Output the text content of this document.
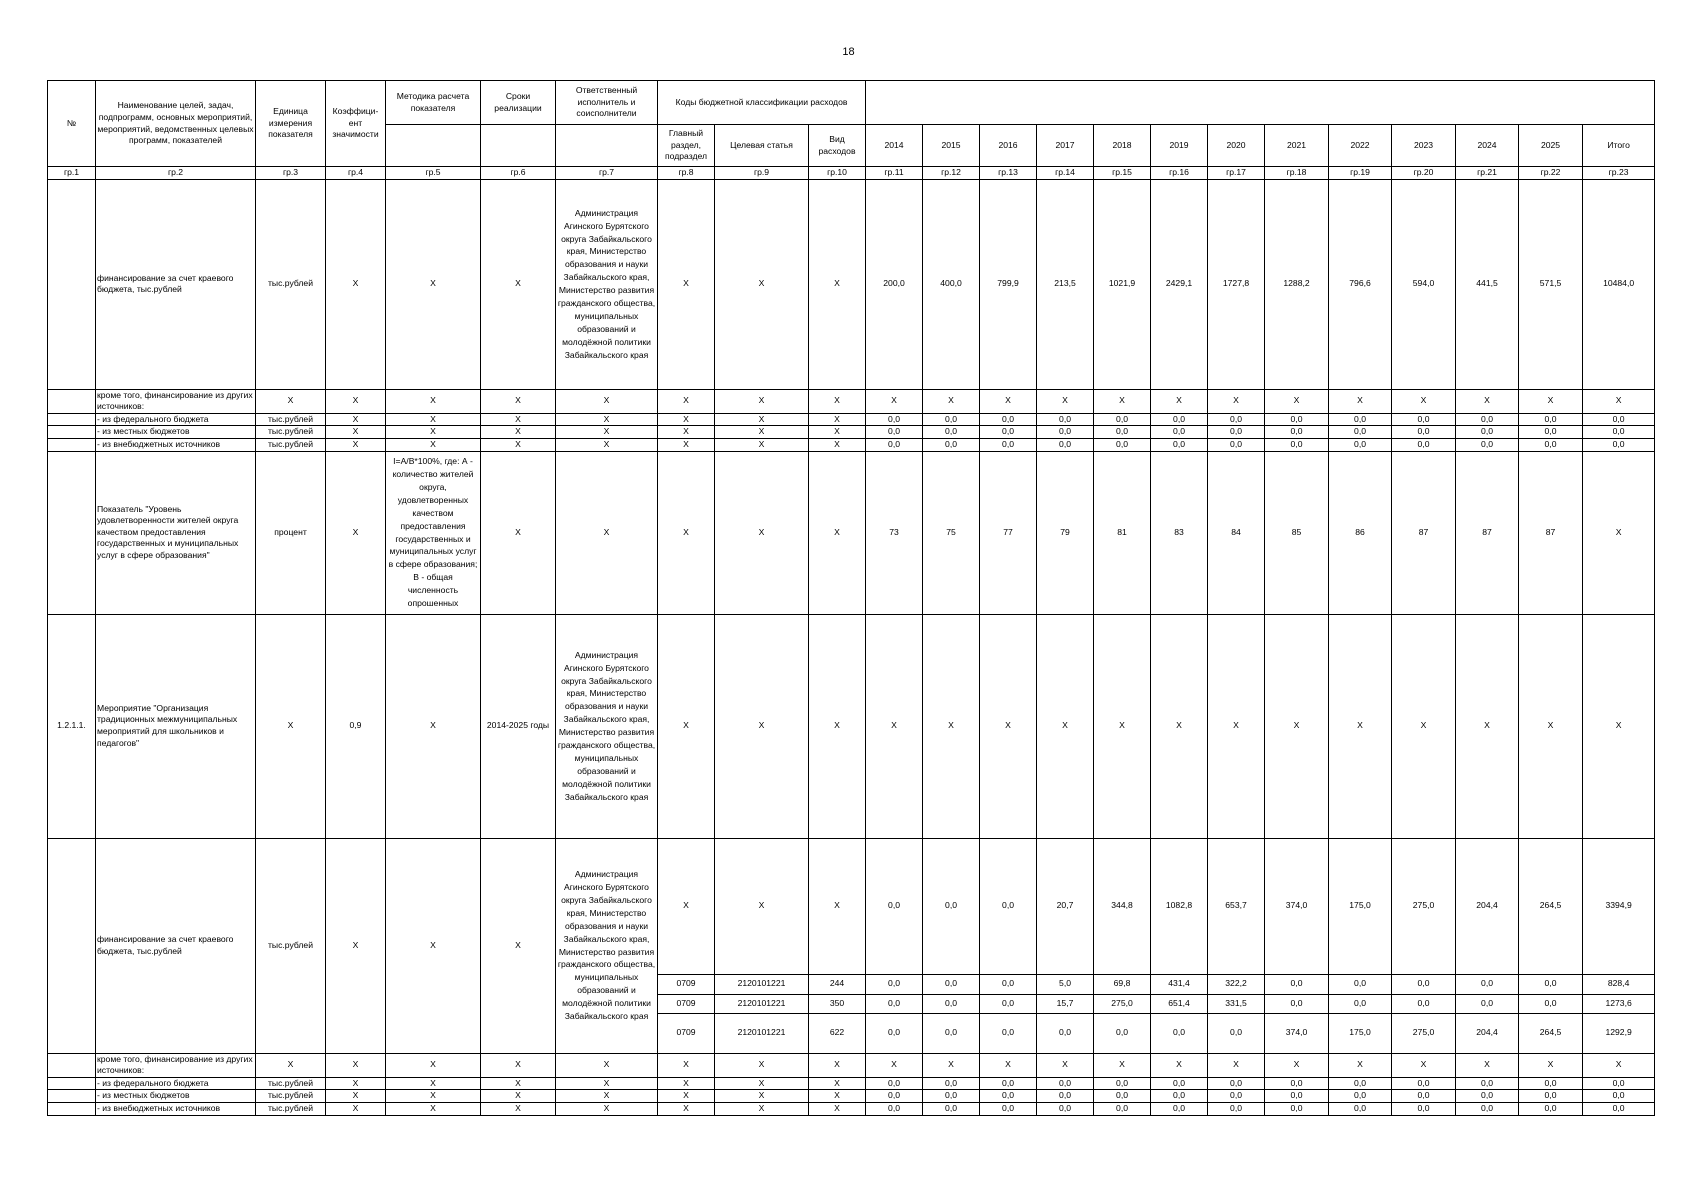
18
№	Наименование целей, задач, подпрограмм, основных мероприятий, мероприятий, ведомственных целевых программ, показателей	Единица измерения показателя	Коэффици-ент значимости	Методика расчета показателя	Сроки реализации	Ответственный исполнитель и соисполнители	Коды бюджетной классификации расходов															
							Главный раздел, подраздел	Целевая статья	Вид расходов	2014	2015	2016	2017	2018	2019	2020	2021	2022	2023	2024	2025	Итого
гр.1	гр.2	гр.3	гр.4	гр.5	гр.6	гр.7	гр.8	гр.9	гр.10	гр.11	гр.12	гр.13	гр.14	гр.15	гр.16	гр.17	гр.18	гр.19	гр.20	гр.21	гр.22	гр.23
	финансирование за счет краевого бюджета, тыс.рублей	тыс.рублей	Х	Х	Х	Администрация Агинского Бурятского округа Забайкальского края, Министерство образования и науки Забайкальского края, Министерство развития гражданского общества, муниципальных образований и молодёжной политики Забайкальского края	Х	Х	Х	200,0	400,0	799,9	213,5	1021,9	2429,1	1727,8	1288,2	796,6	594,0	441,5	571,5	10484,0
	кроме того, финансирование из других источников:	Х	Х	Х	Х	Х	Х	Х	Х	Х	Х	Х	Х	Х	Х	Х	Х	Х	Х	Х	Х	Х
	- из федерального бюджета	тыс.рублей	Х	Х	Х	Х	Х	Х	Х	0,0	0,0	0,0	0,0	0,0	0,0	0,0	0,0	0,0	0,0	0,0	0,0	0,0
	- из местных бюджетов	тыс.рублей	Х	Х	Х	Х	Х	Х	Х	0,0	0,0	0,0	0,0	0,0	0,0	0,0	0,0	0,0	0,0	0,0	0,0	0,0
	- из внебюджетных источников	тыс.рублей	Х	Х	Х	Х	Х	Х	Х	0,0	0,0	0,0	0,0	0,0	0,0	0,0	0,0	0,0	0,0	0,0	0,0	0,0
	Показатель "Уровень удовлетворенности жителей округа качеством предоставления государственных и муниципальных услуг в сфере образования"	процент	Х	I=A/B*100%, где: А - количество жителей округа, удовлетворенных качеством предоставления государственных и муниципальных услуг в сфере образования; В - общая численность опрошенных	Х	Х	Х	Х	Х	73	75	77	79	81	83	84	85	86	87	87	87	Х
1.2.1.1.	Мероприятие "Организация традиционных межмуниципальных мероприятий для школьников и педагогов"	Х	0,9	Х	2014-2025 годы	Администрация Агинского Бурятского округа Забайкальского края, Министерство образования и науки Забайкальского края, Министерство развития гражданского общества, муниципальных образований и молодёжной политики Забайкальского края	Х	Х	Х	Х	Х	Х	Х	Х	Х	Х	Х	Х	Х	Х	Х	Х
	финансирование за счет краевого бюджета, тыс.рублей	тыс.рублей	Х	Х	Х	Администрация Агинского Бурятского округа Забайкальского края, Министерство образования и науки Забайкальского края, Министерство развития гражданского общества, муниципальных образований и молодёжной политики Забайкальского края	Х	Х	Х	0,0	0,0	0,0	20,7	344,8	1082,8	653,7	374,0	175,0	275,0	204,4	264,5	3394,9
							0709	2120101221	244	0,0	0,0	0,0	5,0	69,8	431,4	322,2	0,0	0,0	0,0	0,0	0,0	828,4
							0709	2120101221	350	0,0	0,0	0,0	15,7	275,0	651,4	331,5	0,0	0,0	0,0	0,0	0,0	1273,6
							0709	2120101221	622	0,0	0,0	0,0	0,0	0,0	0,0	0,0	374,0	175,0	275,0	204,4	264,5	1292,9
	кроме того, финансирование из других источников:	Х	Х	Х	Х	Х	Х	Х	Х	Х	Х	Х	Х	Х	Х	Х	Х	Х	Х	Х	Х	Х
	- из федерального бюджета	тыс.рублей	Х	Х	Х	Х	Х	Х	Х	0,0	0,0	0,0	0,0	0,0	0,0	0,0	0,0	0,0	0,0	0,0	0,0	0,0
	- из местных бюджетов	тыс.рублей	Х	Х	Х	Х	Х	Х	Х	0,0	0,0	0,0	0,0	0,0	0,0	0,0	0,0	0,0	0,0	0,0	0,0	0,0
	- из внебюджетных источников	тыс.рублей	Х	Х	Х	Х	Х	Х	Х	0,0	0,0	0,0	0,0	0,0	0,0	0,0	0,0	0,0	0,0	0,0	0,0	0,0
